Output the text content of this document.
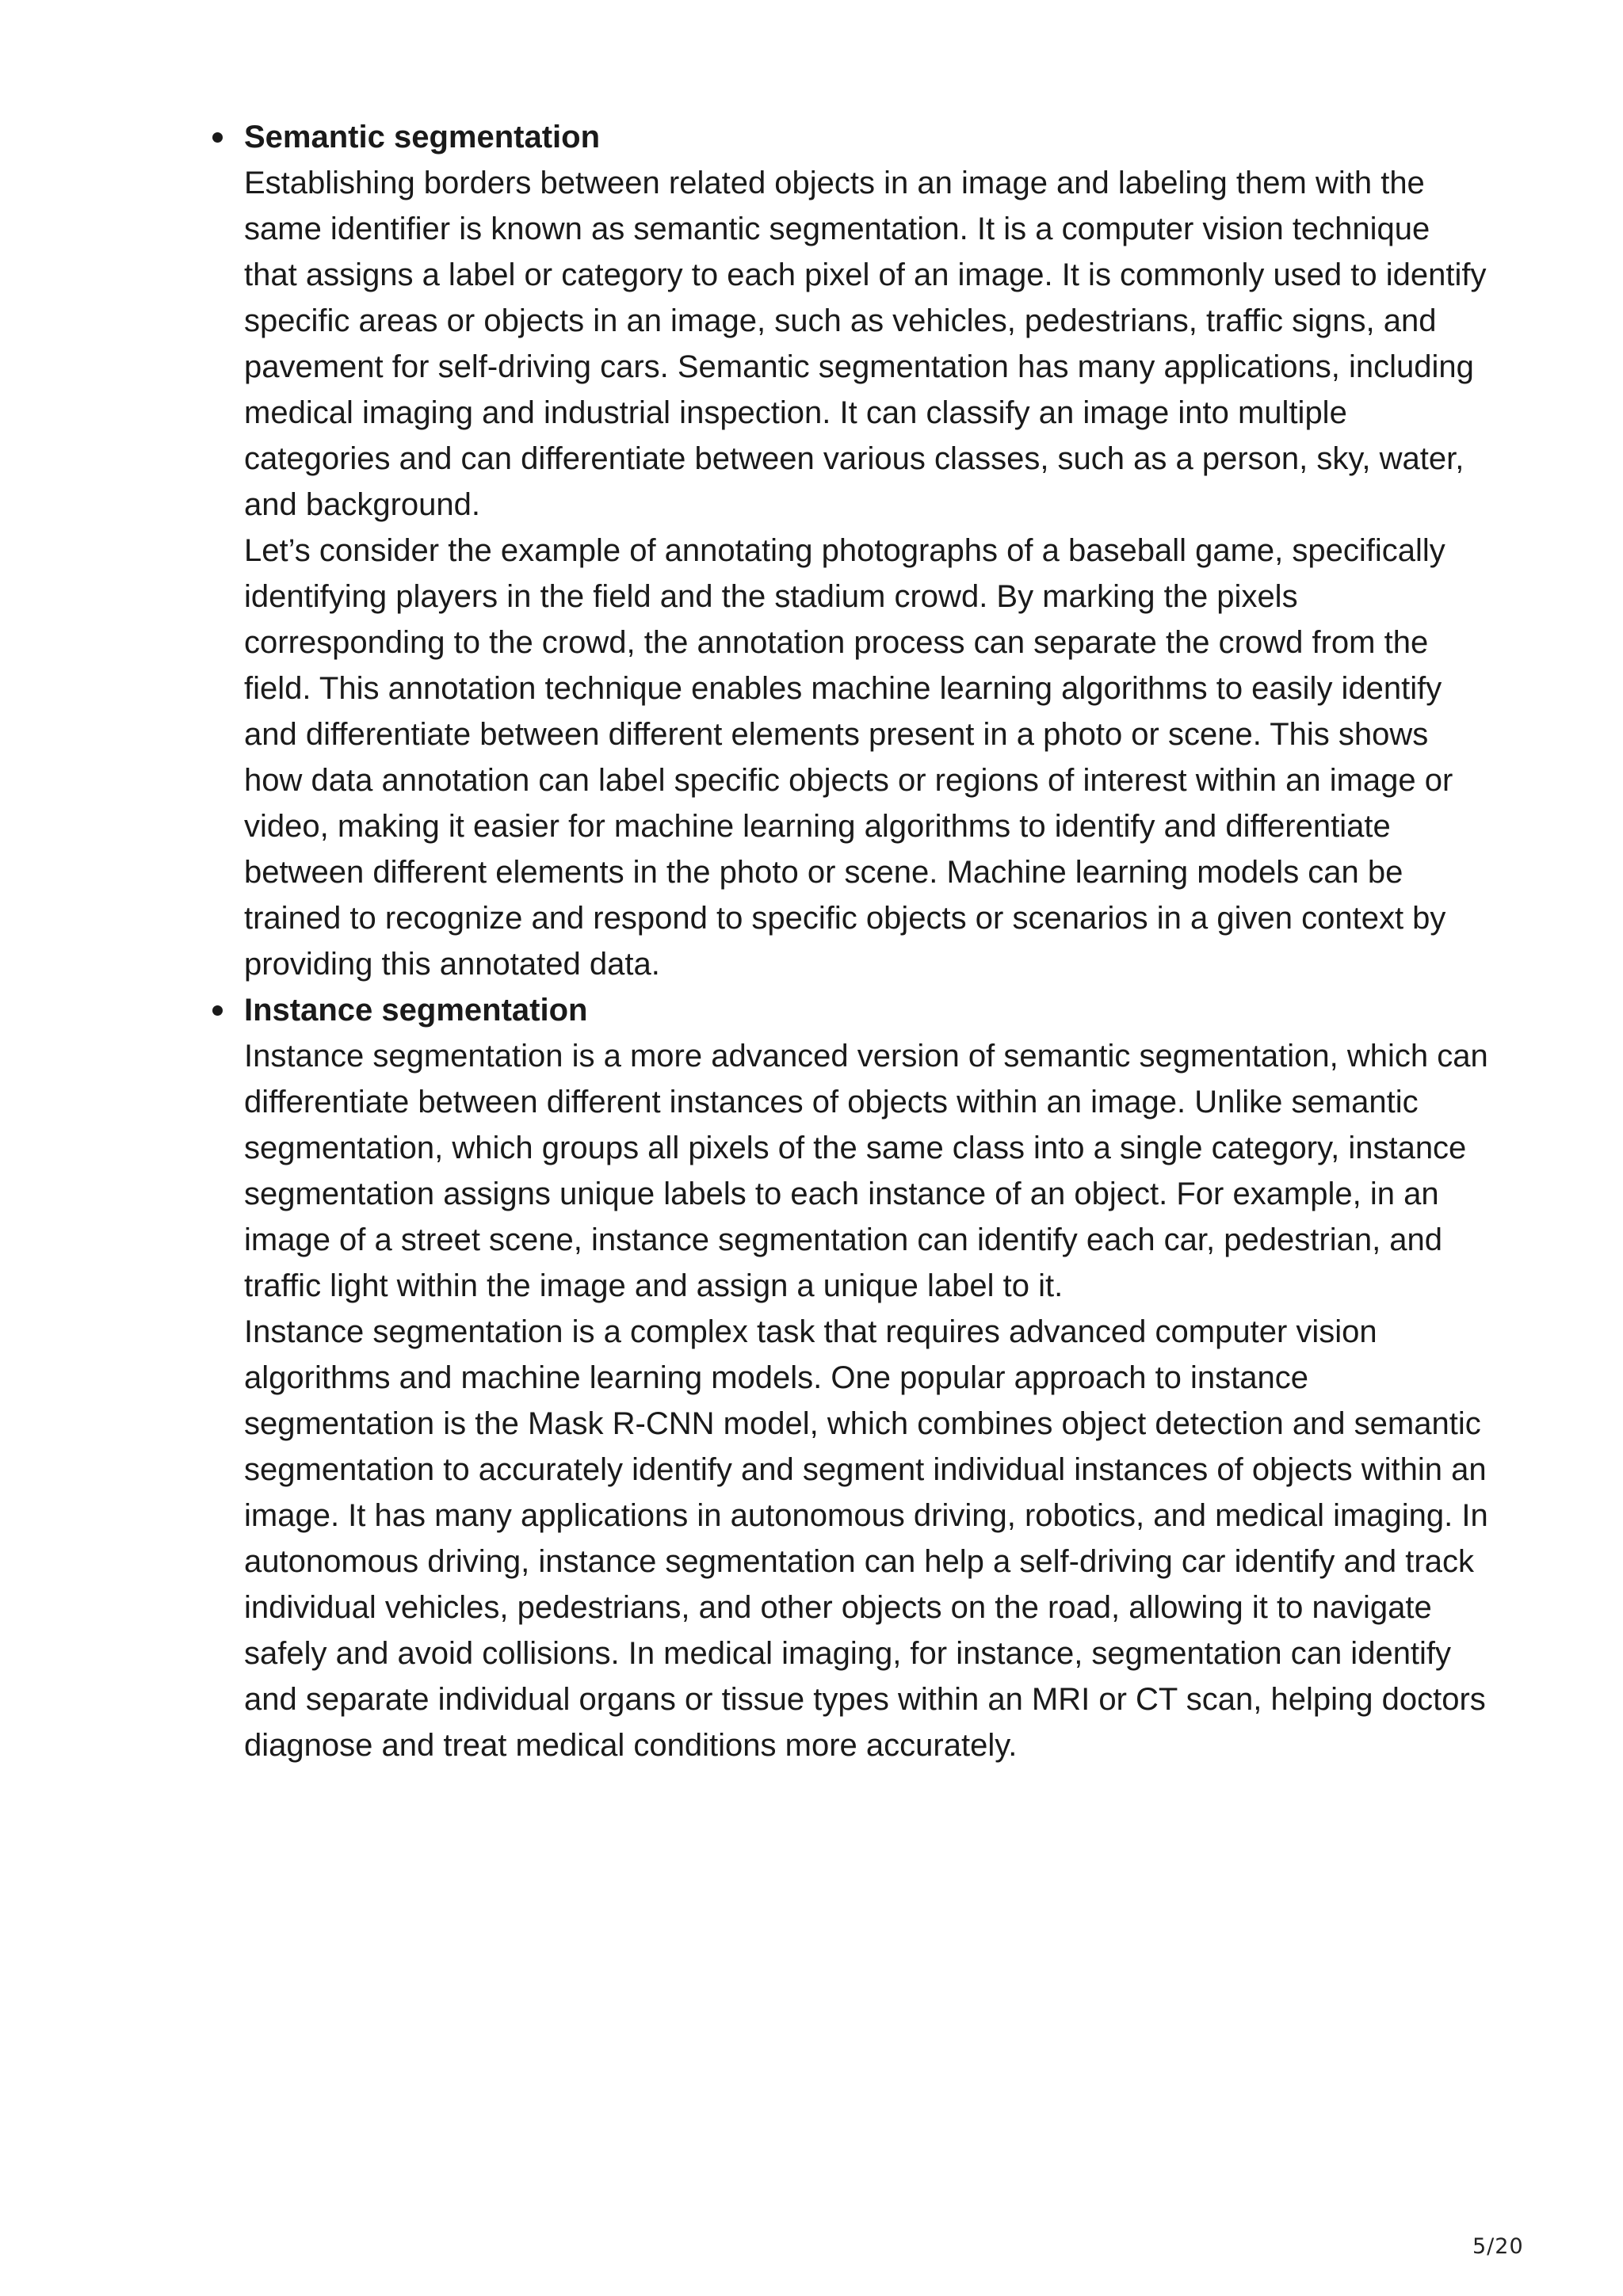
Semantic segmentation

Establishing borders between related objects in an image and labeling them with the same identifier is known as semantic segmentation. It is a computer vision technique that assigns a label or category to each pixel of an image. It is commonly used to identify specific areas or objects in an image, such as vehicles, pedestrians, traffic signs, and pavement for self-driving cars. Semantic segmentation has many applications, including medical imaging and industrial inspection. It can classify an image into multiple categories and can differentiate between various classes, such as a person, sky, water, and background.

Let’s consider the example of annotating photographs of a baseball game, specifically identifying players in the field and the stadium crowd. By marking the pixels corresponding to the crowd, the annotation process can separate the crowd from the field. This annotation technique enables machine learning algorithms to easily identify and differentiate between different elements present in a photo or scene. This shows how data annotation can label specific objects or regions of interest within an image or video, making it easier for machine learning algorithms to identify and differentiate between different elements in the photo or scene. Machine learning models can be trained to recognize and respond to specific objects or scenarios in a given context by providing this annotated data.

Instance segmentation

Instance segmentation is a more advanced version of semantic segmentation, which can differentiate between different instances of objects within an image. Unlike semantic segmentation, which groups all pixels of the same class into a single category, instance segmentation assigns unique labels to each instance of an object. For example, in an image of a street scene, instance segmentation can identify each car, pedestrian, and traffic light within the image and assign a unique label to it.

Instance segmentation is a complex task that requires advanced computer vision algorithms and machine learning models. One popular approach to instance segmentation is the Mask R-CNN model, which combines object detection and semantic segmentation to accurately identify and segment individual instances of objects within an image. It has many applications in autonomous driving, robotics, and medical imaging. In autonomous driving, instance segmentation can help a self-driving car identify and track individual vehicles, pedestrians, and other objects on the road, allowing it to navigate safely and avoid collisions. In medical imaging, for instance, segmentation can identify and separate individual organs or tissue types within an MRI or CT scan, helping doctors diagnose and treat medical conditions more accurately.

5/20
